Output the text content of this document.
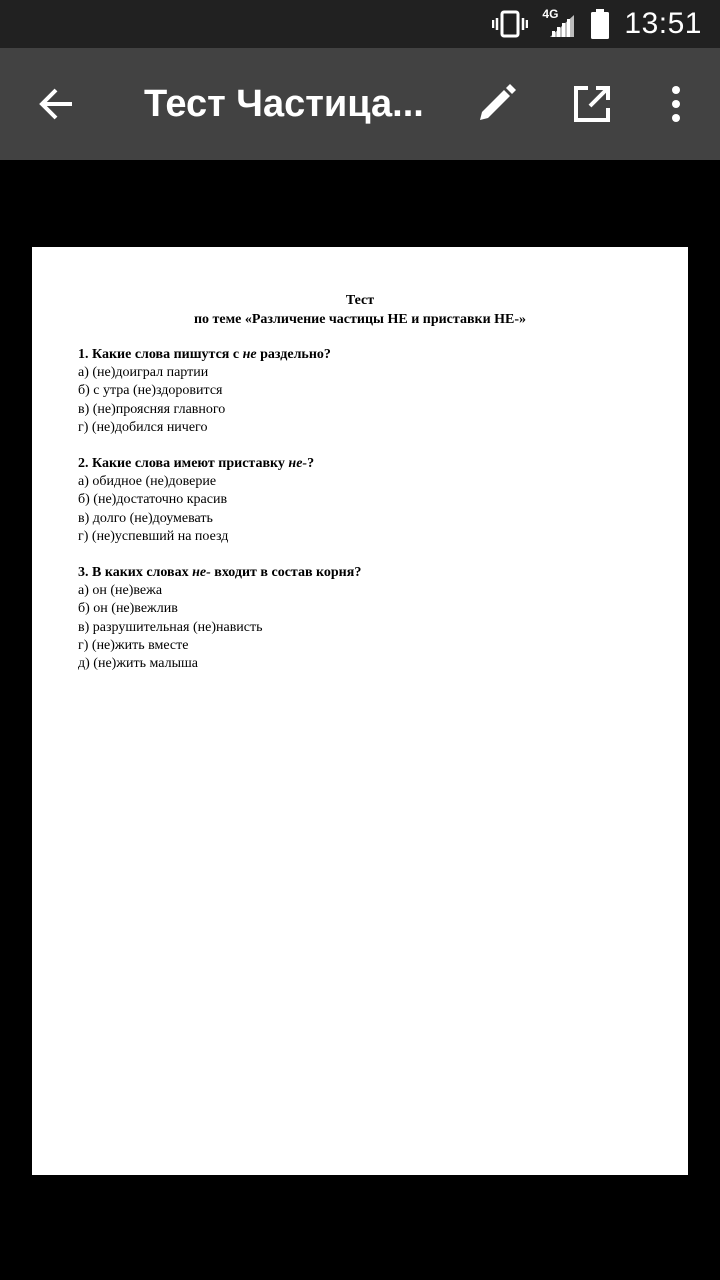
4G 13:51
Тест Частица...
Тест
по теме «Различение частицы НЕ и приставки НЕ-»
1. Какие слова пишутся с не раздельно?
а) (не)доиграл партии
б) с утра (не)здоровится
в) (не)проясняя главного
г) (не)добился ничего
2. Какие слова имеют приставку не-?
а) обидное (не)доверие
б) (не)достаточно красив
в) долго (не)доумевать
г) (не)успевший на поезд
3. В каких словах не- входит в состав корня?
а) он (не)вежа
б) он (не)вежлив
в) разрушительная (не)нависть
г) (не)жить вместе
д) (не)жить малыша
